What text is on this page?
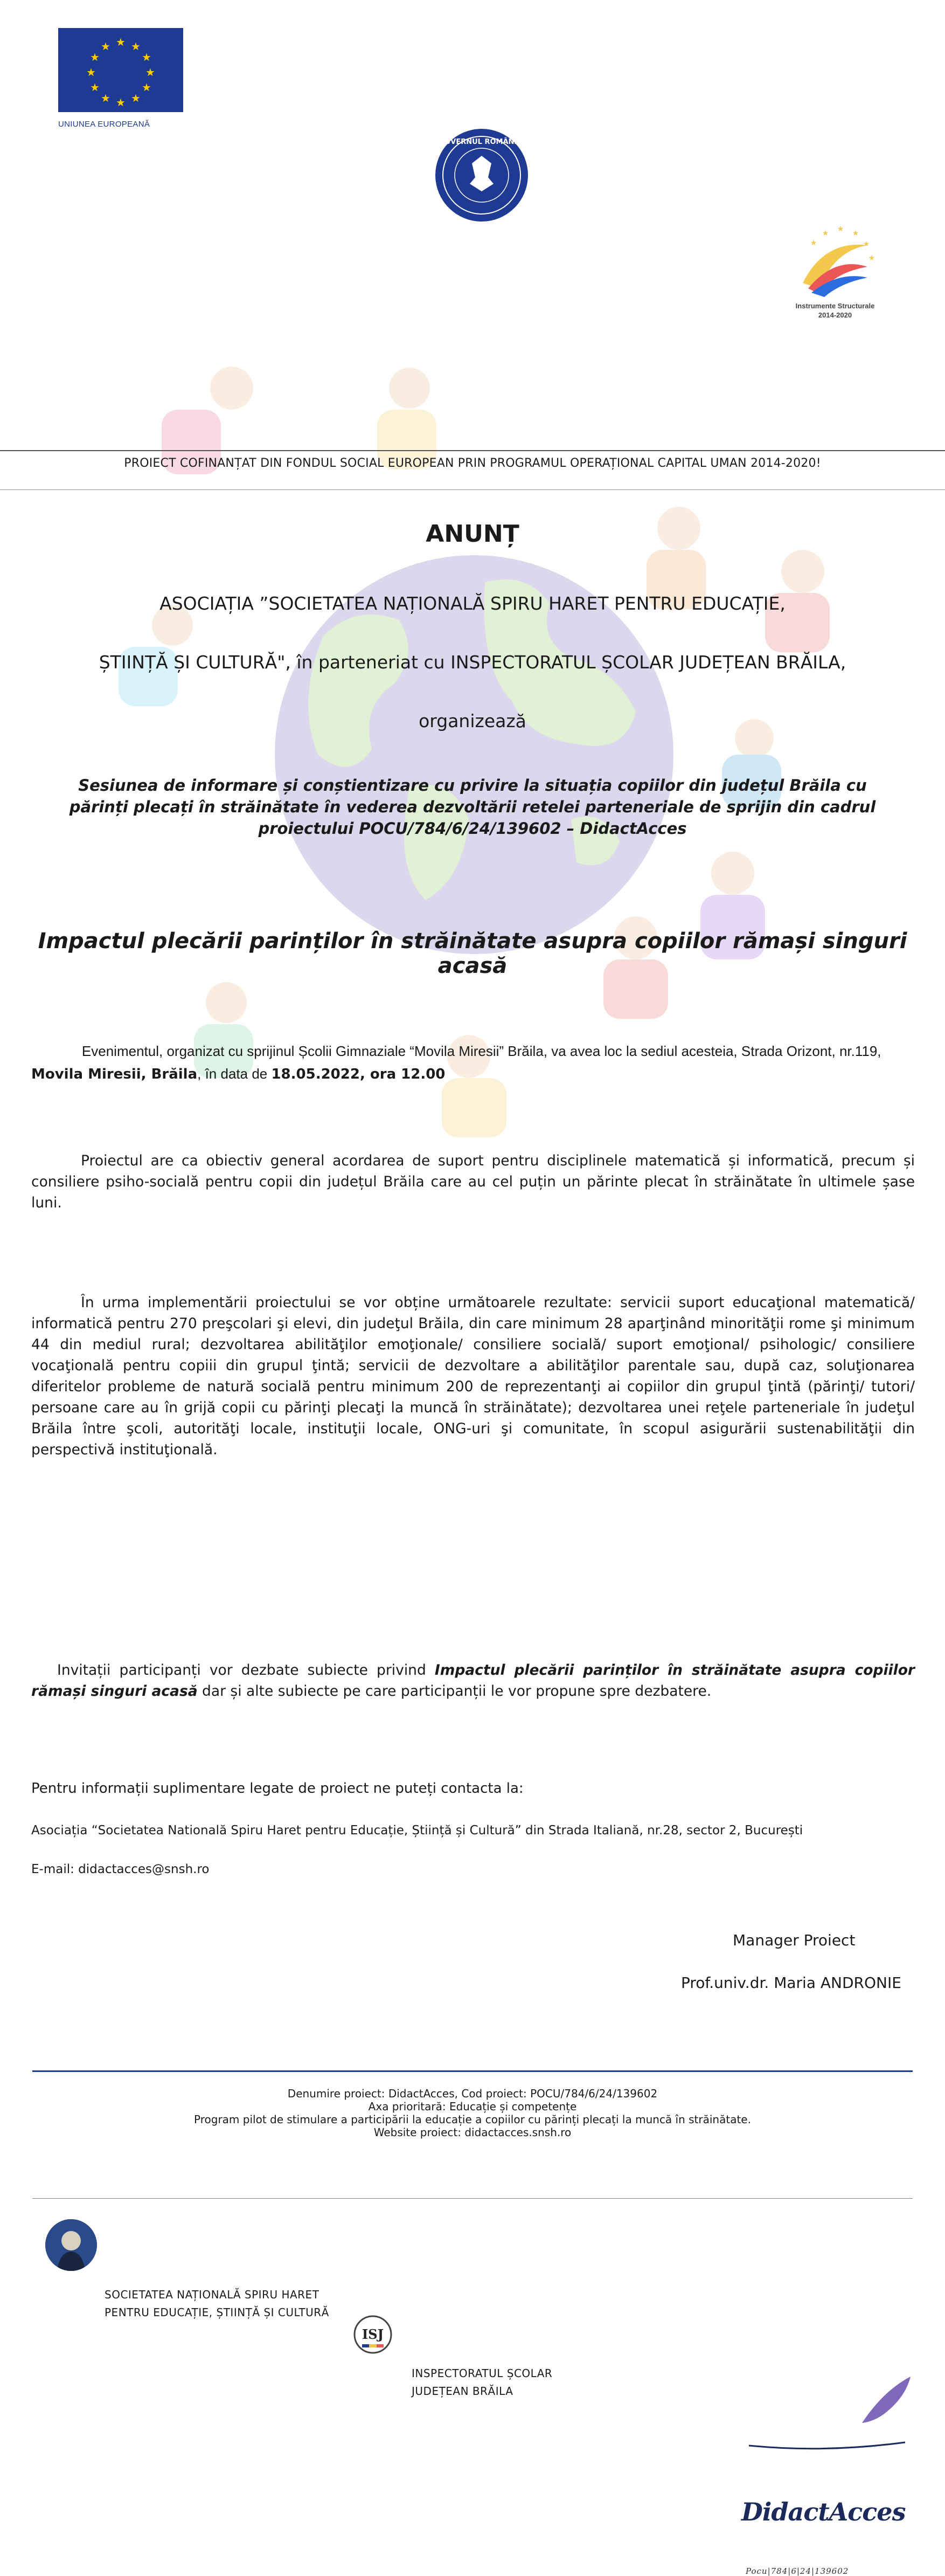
★ ★
★
★
★
★
★
★
★
★
★
★
UNIUNEA EUROPEANĂ
GUVERNUL ROMÂNIEI
★
★ ★ ★
★
★
Instrumente Structurale
2014-2020
PROIECT COFINANȚAT DIN FONDUL SOCIAL EUROPEAN PRIN PROGRAMUL OPERAȚIONAL CAPITAL UMAN 2014-2020!
ANUNȚ
ASOCIAȚIA ”SOCIETATEA NAȚIONALĂ SPIRU HARET PENTRU EDUCAȚIE,
ȘTIINȚĂ ȘI CULTURĂ", în parteneriat cu INSPECTORATUL ȘCOLAR JUDEȚEAN BRĂILA,
organizează
Sesiunea de informare și conștientizare cu privire la situația copiilor din județul Brăila cu părinți plecați în străinătate în vederea dezvoltării retelei parteneriale de sprijin din cadrul proiectului POCU/784/6/24/139602 – DidactAcces
Impactul plecării parinților în străinătate asupra copiilor rămași singuri acasă
Evenimentul, organizat cu sprijinul Școlii Gimnaziale “Movila Miresii” Brăila, va avea loc la sediul acesteia, Strada Orizont, nr.119, Movila Miresii, Brăila, în data de 18.05.2022, ora 12.00
Proiectul are ca obiectiv general acordarea de suport pentru disciplinele matematică și informatică, precum și consiliere psiho-socială pentru copii din județul Brăila care au cel puțin un părinte plecat în străinătate în ultimele șase luni.
În urma implementării proiectului se vor obține următoarele rezultate: servicii suport educaţional matematică/ informatică pentru 270 preşcolari şi elevi, din judeţul Brăila, din care minimum 28 aparţinând minorităţii rome şi minimum 44 din mediul rural; dezvoltarea abilităţilor emoţionale/ consiliere socială/ suport emoţional/ psihologic/ consiliere vocaţională pentru copiii din grupul ţintă; servicii de dezvoltare a abilităţilor parentale sau, după caz, soluţionarea diferitelor probleme de natură socială pentru minimum 200 de reprezentanţi ai copiilor din grupul ţintă (părinţi/ tutori/ persoane care au în grijă copii cu părinţi plecaţi la muncă în străinătate); dezvoltarea unei reţele parteneriale în judeţul Brăila între şcoli, autorităţi locale, instituţii locale, ONG-uri şi comunitate, în scopul asigurării sustenabilităţii din perspectivă instituţională.
Invitații participanți vor dezbate subiecte privind Impactul plecării parinților în străinătate asupra copiilor rămași singuri acasă dar și alte subiecte pe care participanții le vor propune spre dezbatere.
Pentru informații suplimentare legate de proiect ne puteți contacta la:
Asociația “Societatea Natională Spiru Haret pentru Educație, Știință și Cultură” din Strada Italiană, nr.28, sector 2, București
E-mail: didactacces@snsh.ro
Manager Proiect
Prof.univ.dr. Maria ANDRONIE
Denumire proiect: DidactAcces, Cod proiect: POCU/784/6/24/139602
Axa prioritară: Educație și competențe
Program pilot de stimulare a participării la educație a copiilor cu părinți plecați la muncă în străinătate.
Website proiect: didactacces.snsh.ro
SOCIETATEA NAȚIONALĂ SPIRU HARET
PENTRU EDUCAȚIE, ȘTIINȚĂ ȘI CULTURĂ
ISJ
INSPECTORATUL ȘCOLAR
JUDEȚEAN BRĂILA
DidactAcces
Pocu|784|6|24|139602
